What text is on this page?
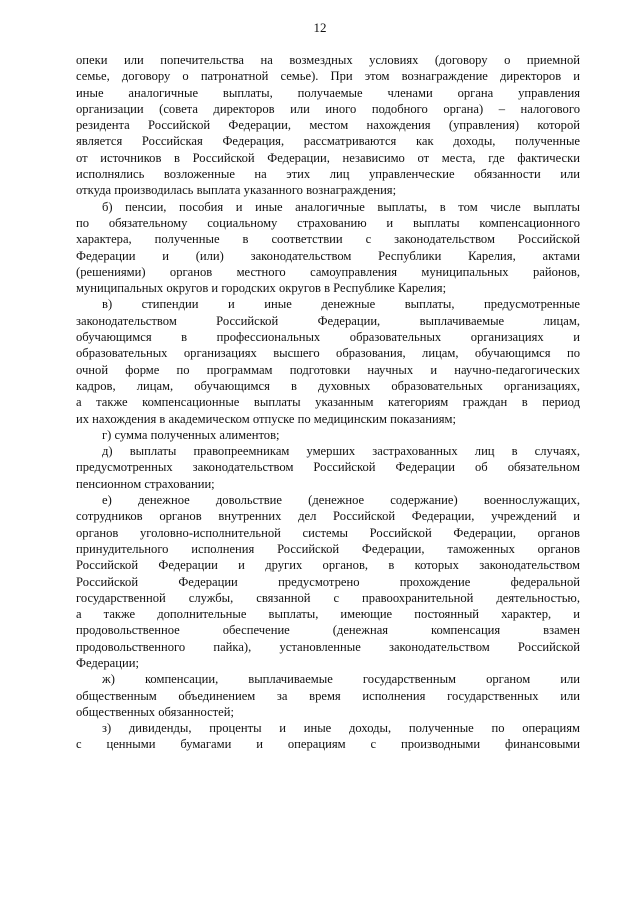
12
опеки или попечительства на возмездных условиях (договору о приемной
семье, договору о патронатной семье). При этом вознаграждение директоров и
иные аналогичные выплаты, получаемые членами органа управления
организации (совета директоров или иного подобного органа) – налогового
резидента Российской Федерации, местом нахождения (управления) которой
является Российская Федерация, рассматриваются как доходы, полученные
от источников в Российской Федерации, независимо от места, где фактически
исполнялись возложенные на этих лиц управленческие обязанности или
откуда производилась выплата указанного вознаграждения;
б) пенсии, пособия и иные аналогичные выплаты, в том числе выплаты
по обязательному социальному страхованию и выплаты компенсационного
характера, полученные в соответствии с законодательством Российской
Федерации и (или) законодательством Республики Карелия, актами
(решениями) органов местного самоуправления муниципальных районов,
муниципальных округов и городских округов в Республике Карелия;
в) стипендии и иные денежные выплаты, предусмотренные
законодательством Российской Федерации, выплачиваемые лицам,
обучающимся в профессиональных образовательных организациях и
образовательных организациях высшего образования, лицам, обучающимся по
очной форме по программам подготовки научных и научно-педагогических
кадров, лицам, обучающимся в духовных образовательных организациях,
а также компенсационные выплаты указанным категориям граждан в период
их нахождения в академическом отпуске по медицинским показаниям;
г) сумма полученных алиментов;
д) выплаты правопреемникам умерших застрахованных лиц в случаях,
предусмотренных законодательством Российской Федерации об обязательном
пенсионном страховании;
е) денежное довольствие (денежное содержание) военнослужащих,
сотрудников органов внутренних дел Российской Федерации, учреждений и
органов уголовно-исполнительной системы Российской Федерации, органов
принудительного исполнения Российской Федерации, таможенных органов
Российской Федерации и других органов, в которых законодательством
Российской Федерации предусмотрено прохождение федеральной
государственной службы, связанной с правоохранительной деятельностью,
а также дополнительные выплаты, имеющие постоянный характер, и
продовольственное обеспечение (денежная компенсация взамен
продовольственного пайка), установленные законодательством Российской
Федерации;
ж) компенсации, выплачиваемые государственным органом или
общественным объединением за время исполнения государственных или
общественных обязанностей;
з) дивиденды, проценты и иные доходы, полученные по операциям
с ценными бумагами и операциям с производными финансовыми
